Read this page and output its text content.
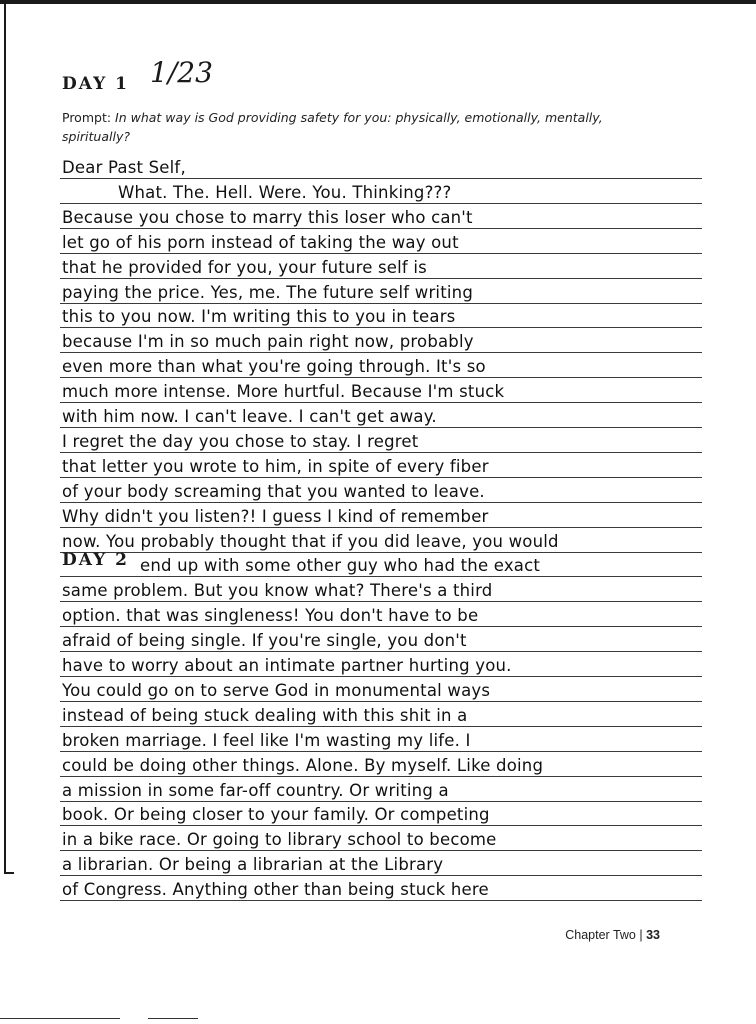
DAY 1 1/23
Prompt: In what way is God providing safety for you: physically, emotionally, mentally, spiritually?
Dear Past Self,
What. The. Hell. Were. You. Thinking???
Because you chose to marry this loser who can't
let go of his porn instead of taking the way out
that he provided for you, your future self is
paying the price. Yes, me. The future self writing
this to you now. I'm writing this to you in tears
because I'm in so much pain right now, probably
even more than what you're going through. It's so
much more intense. More hurtful. Because I'm stuck
with him now. I can't leave. I can't get away.
I regret the day you chose to stay. I regret
that letter you wrote to him, in spite of every fiber
of your body screaming that you wanted to leave.
Why didn't you listen?! I guess I kind of remember
now. You probably thought that if you did leave, you would
end up with some other guy who had the exact
same problem. But you know what? There's a third
option. that was singleness! You don't have to be
afraid of being single. If you're single, you don't
have to worry about an intimate partner hurting you.
You could go on to serve God in monumental ways
instead of being stuck dealing with this shit in a
broken marriage. I feel like I'm wasting my life. I
could be doing other things. Alone. By myself. Like doing
a mission in some far-off country. Or writing a
book. Or being closer to your family. Or competing
in a bike race. Or going to library school to become
a librarian. Or being a librarian at the Library
of Congress. Anything other than being stuck here
DAY 2
Chapter Two | 33
